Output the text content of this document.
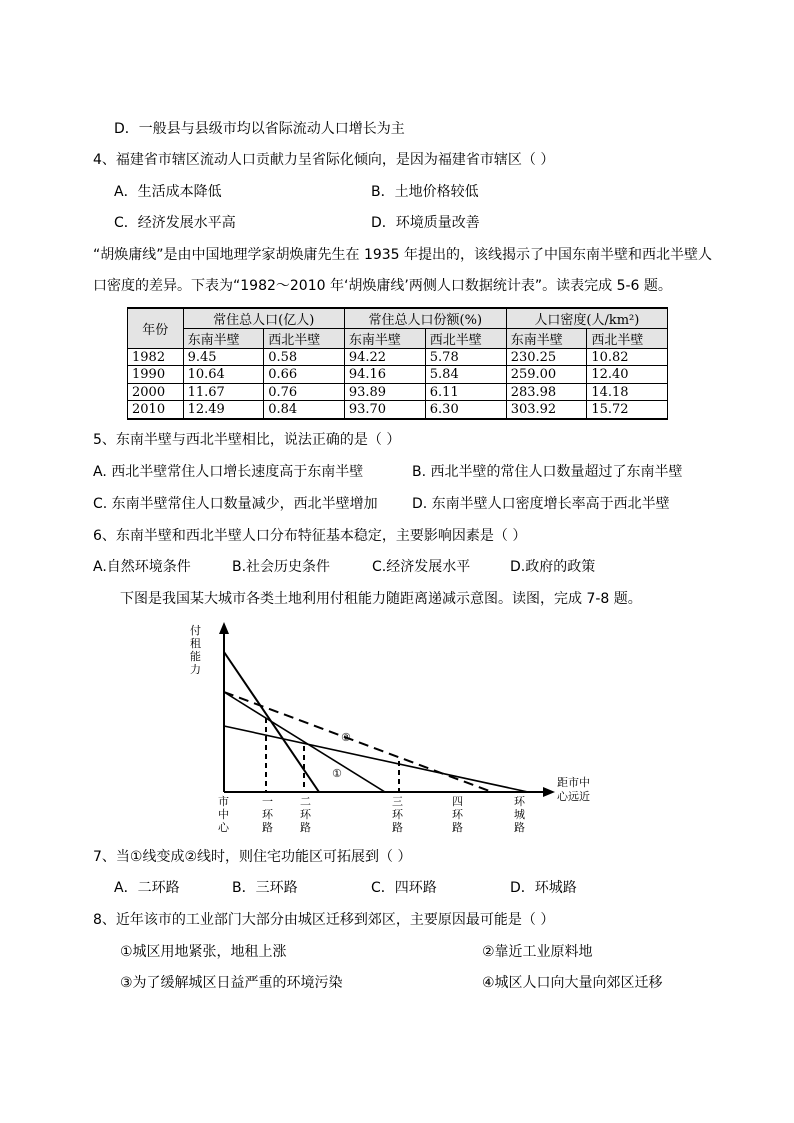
D．一般县与县级市均以省际流动人口增长为主
4、福建省市辖区流动人口贡献力呈省际化倾向，是因为福建省市辖区（ ）
A．生活成本降低	B．土地价格较低
C．经济发展水平高	D．环境质量改善
“胡焕庸线”是由中国地理学家胡焕庸先生在 1935 年提出的，该线揭示了中国东南半壁和西北半壁人
口密度的差异。下表为“1982～2010 年‘胡焕庸线’两侧人口数据统计表”。读表完成 5-6 题。
年份	常住总人口(亿人)		常住总人口份额(%)		人口密度(人/km²)	
	东南半壁	西北半壁	东南半壁	西北半壁	东南半壁	西北半壁
1982	9.45	0.58	94.22	5.78	230.25	10.82
1990	10.64	0.66	94.16	5.84	259.00	12.40
2000	11.67	0.76	93.89	6.11	283.98	14.18
2010	12.49	0.84	93.70	6.30	303.92	15.72
5、东南半壁与西北半壁相比，说法正确的是（ ）
A. 西北半壁常住人口增长速度高于东南半壁	B. 西北半壁的常住人口数量超过了东南半壁
C. 东南半壁常住人口数量减少，西北半壁增加 D. 东南半壁人口密度增长率高于西北半壁
6、东南半壁和西北半壁人口分布特征基本稳定，主要影响因素是（ ）
A.自然环境条件	B.社会历史条件	C.经济发展水平	D.政府的政策
下图是我国某大城市各类土地利用付租能力随距离递减示意图。读图，完成 7-8 题。
付
租
能
力
距市中
心远近
②
①
市
中
心
一
环
路
二
环
路
三
环
路
四
环
路
环
城
路
7、当①线变成②线时，则住宅功能区可拓展到（ ）
A．二环路	B．三环路	C．四环路	D．环城路
8、近年该市的工业部门大部分由城区迁移到郊区，主要原因最可能是（ ）
①城区用地紧张，地租上涨	②靠近工业原料地
③为了缓解城区日益严重的环境污染	④城区人口向大量向郊区迁移
